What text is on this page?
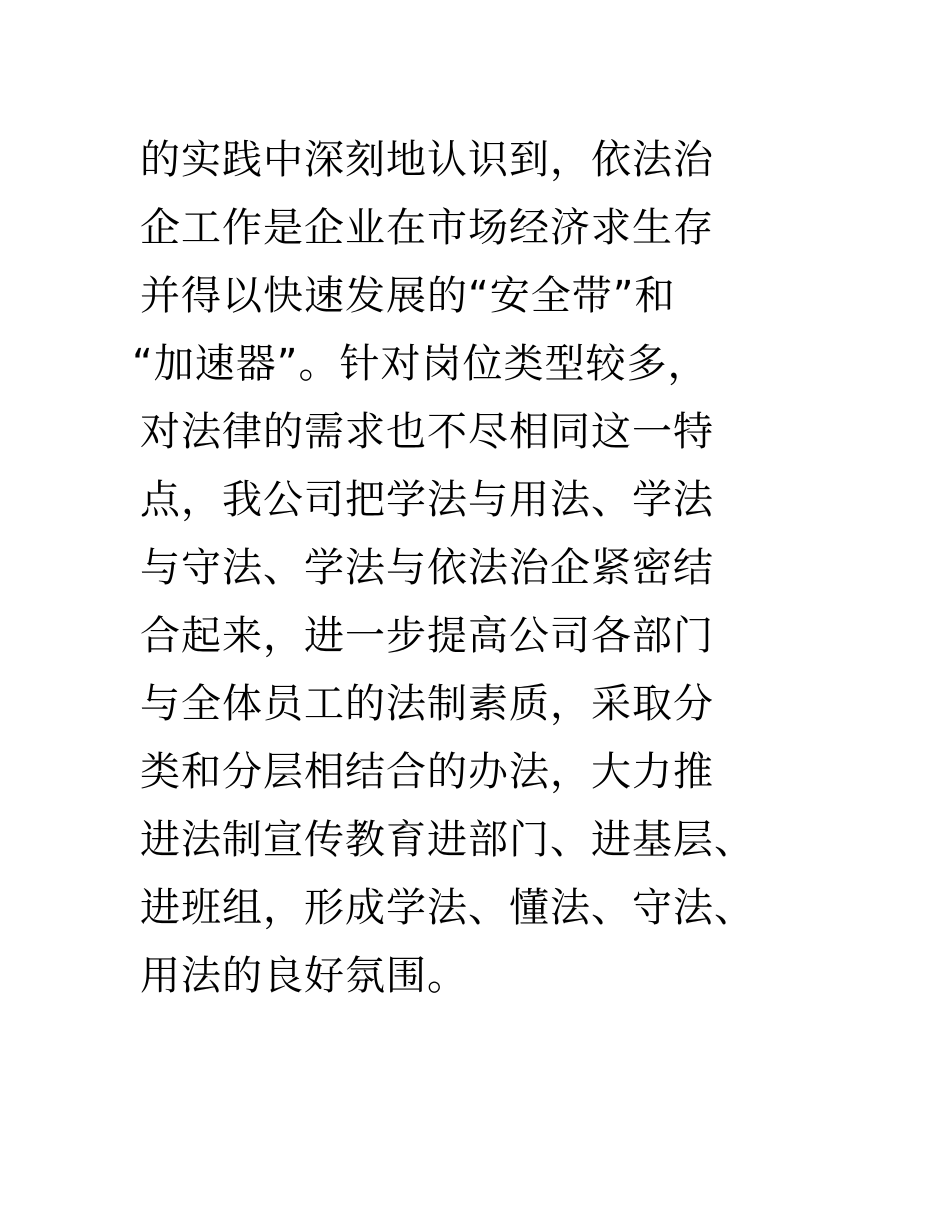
的实践中深刻地认识到，依法治
企工作是企业在市场经济求生存
并得以快速发展的“安全带”和
“加速器”。针对岗位类型较多，
对法律的需求也不尽相同这一特
点，我公司把学法与用法、学法
与守法、学法与依法治企紧密结
合起来，进一步提高公司各部门
与全体员工的法制素质，采取分
类和分层相结合的办法，大力推
进法制宣传教育进部门、进基层、
进班组，形成学法、懂法、守法、
用法的良好氛围。
